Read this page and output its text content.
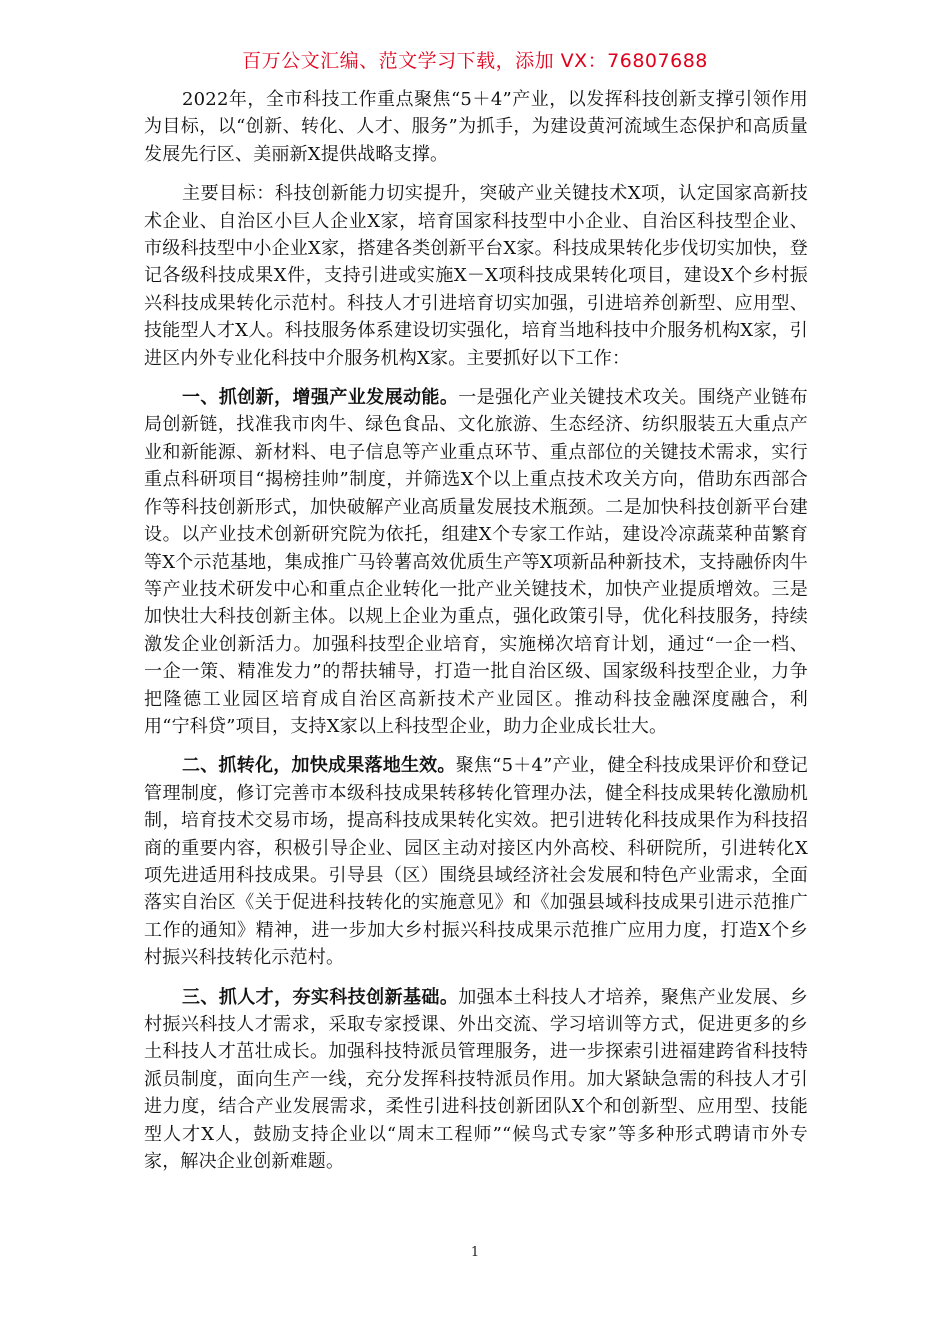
百万公文汇编、范文学习下载，添加 VX：76807688

2022年，全市科技工作重点聚焦“5＋4”产业，以发挥科技创新支撑引领作用为目标，以“创新、转化、人才、服务”为抓手，为建设黄河流域生态保护和高质量发展先行区、美丽新X提供战略支撑。

主要目标：科技创新能力切实提升，突破产业关键技术X项，认定国家高新技术企业、自治区小巨人企业X家，培育国家科技型中小企业、自治区科技型企业、市级科技型中小企业X家，搭建各类创新平台X家。科技成果转化步伐切实加快，登记各级科技成果X件，支持引进或实施X－X项科技成果转化项目，建设X个乡村振兴科技成果转化示范村。科技人才引进培育切实加强，引进培养创新型、应用型、技能型人才X人。科技服务体系建设切实强化，培育当地科技中介服务机构X家，引进区内外专业化科技中介服务机构X家。主要抓好以下工作：

一、抓创新，增强产业发展动能。一是强化产业关键技术攻关。围绕产业链布局创新链，找准我市肉牛、绿色食品、文化旅游、生态经济、纺织服装五大重点产业和新能源、新材料、电子信息等产业重点环节、重点部位的关键技术需求，实行重点科研项目“揭榜挂帅”制度，并筛选X个以上重点技术攻关方向，借助东西部合作等科技创新形式，加快破解产业高质量发展技术瓶颈。二是加快科技创新平台建设。以产业技术创新研究院为依托，组建X个专家工作站，建设冷凉蔬菜种苗繁育等X个示范基地，集成推广马铃薯高效优质生产等X项新品种新技术，支持融侨肉牛等产业技术研发中心和重点企业转化一批产业关键技术，加快产业提质增效。三是加快壮大科技创新主体。以规上企业为重点，强化政策引导，优化科技服务，持续激发企业创新活力。加强科技型企业培育，实施梯次培育计划，通过“一企一档、一企一策、精准发力”的帮扶辅导，打造一批自治区级、国家级科技型企业，力争把隆德工业园区培育成自治区高新技术产业园区。推动科技金融深度融合，利用“宁科贷”项目，支持X家以上科技型企业，助力企业成长壮大。

二、抓转化，加快成果落地生效。聚焦“5＋4”产业，健全科技成果评价和登记管理制度，修订完善市本级科技成果转移转化管理办法，健全科技成果转化激励机制，培育技术交易市场，提高科技成果转化实效。把引进转化科技成果作为科技招商的重要内容，积极引导企业、园区主动对接区内外高校、科研院所，引进转化X项先进适用科技成果。引导县（区）围绕县域经济社会发展和特色产业需求，全面落实自治区《关于促进科技转化的实施意见》和《加强县域科技成果引进示范推广工作的通知》精神，进一步加大乡村振兴科技成果示范推广应用力度，打造X个乡村振兴科技转化示范村。

三、抓人才，夯实科技创新基础。加强本土科技人才培养，聚焦产业发展、乡村振兴科技人才需求，采取专家授课、外出交流、学习培训等方式，促进更多的乡土科技人才茁壮成长。加强科技特派员管理服务，进一步探索引进福建跨省科技特派员制度，面向生产一线，充分发挥科技特派员作用。加大紧缺急需的科技人才引进力度，结合产业发展需求，柔性引进科技创新团队X个和创新型、应用型、技能型人才X人，鼓励支持企业以“周末工程师”“候鸟式专家”等多种形式聘请市外专家，解决企业创新难题。

1
